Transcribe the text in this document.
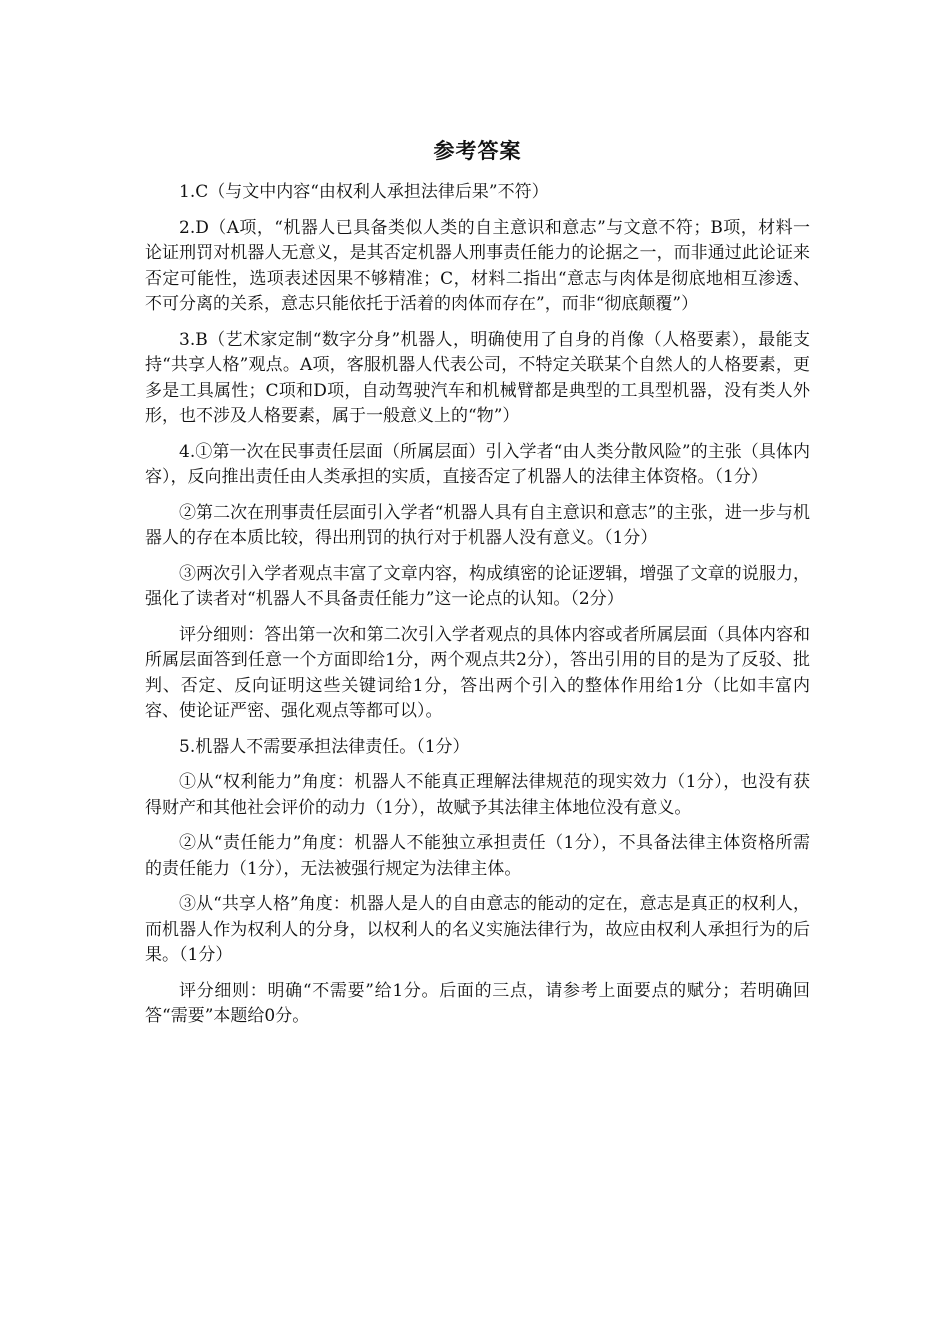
参考答案

1.C（与文中内容“由权利人承担法律后果”不符）

2.D（A项，“机器人已具备类似人类的自主意识和意志”与文意不符；B项，材料一论证刑罚对机器人无意义，是其否定机器人刑事责任能力的论据之一，而非通过此论证来否定可能性，选项表述因果不够精准；C，材料二指出“意志与肉体是彻底地相互渗透、不可分离的关系，意志只能依托于活着的肉体而存在”，而非“彻底颠覆”）

3.B（艺术家定制“数字分身”机器人，明确使用了自身的肖像（人格要素），最能支持“共享人格”观点。A项，客服机器人代表公司，不特定关联某个自然人的人格要素，更多是工具属性；C项和D项，自动驾驶汽车和机械臂都是典型的工具型机器，没有类人外形，也不涉及人格要素，属于一般意义上的“物”）

4.①第一次在民事责任层面（所属层面）引入学者“由人类分散风险”的主张（具体内容），反向推出责任由人类承担的实质，直接否定了机器人的法律主体资格。（1分）

②第二次在刑事责任层面引入学者“机器人具有自主意识和意志”的主张，进一步与机器人的存在本质比较，得出刑罚的执行对于机器人没有意义。（1分）

③两次引入学者观点丰富了文章内容，构成缜密的论证逻辑，增强了文章的说服力，强化了读者对“机器人不具备责任能力”这一论点的认知。（2分）

评分细则：答出第一次和第二次引入学者观点的具体内容或者所属层面（具体内容和所属层面答到任意一个方面即给1分，两个观点共2分），答出引用的目的是为了反驳、批判、否定、反向证明这些关键词给1分，答出两个引入的整体作用给1分（比如丰富内容、使论证严密、强化观点等都可以）。

5.机器人不需要承担法律责任。（1分）

①从“权利能力”角度：机器人不能真正理解法律规范的现实效力（1分），也没有获得财产和其他社会评价的动力（1分），故赋予其法律主体地位没有意义。

②从“责任能力”角度：机器人不能独立承担责任（1分），不具备法律主体资格所需的责任能力（1分），无法被强行规定为法律主体。

③从“共享人格”角度：机器人是人的自由意志的能动的定在，意志是真正的权利人，而机器人作为权利人的分身，以权利人的名义实施法律行为，故应由权利人承担行为的后果。（1分）

评分细则：明确“不需要”给1分。后面的三点，请参考上面要点的赋分；若明确回答“需要”本题给0分。
